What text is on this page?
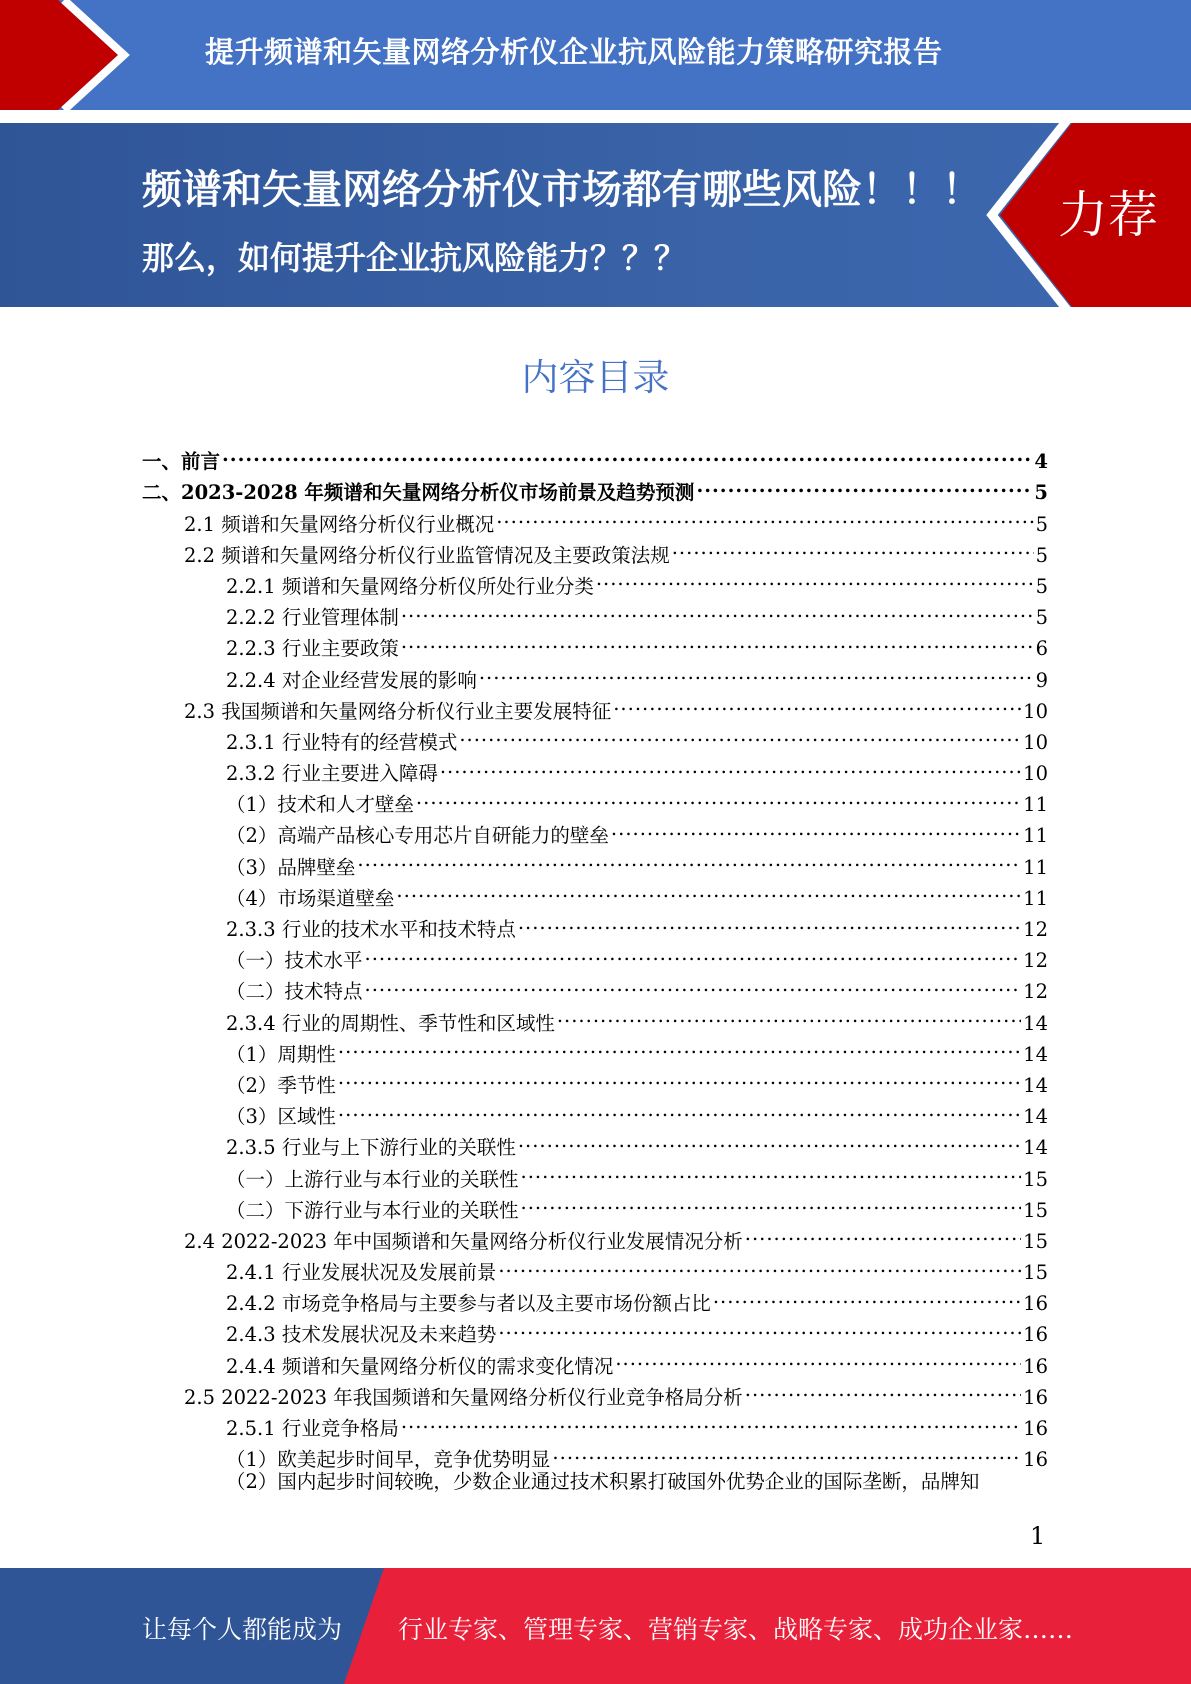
提升频谱和矢量网络分析仪企业抗风险能力策略研究报告
频谱和矢量网络分析仪市场都有哪些风险！！！
那么，如何提升企业抗风险能力？？？
力荐
内容目录
一、前言 .....	4
二、2023-2028 年频谱和矢量网络分析仪市场前景及趋势预测 .....	5
2.1 频谱和矢量网络分析仪行业概况 .....	5
2.2 频谱和矢量网络分析仪行业监管情况及主要政策法规 .....	5
2.2.1 频谱和矢量网络分析仪所处行业分类 .....	5
2.2.2 行业管理体制 .....	5
2.2.3 行业主要政策 .....	6
2.2.4 对企业经营发展的影响 .....	9
2.3 我国频谱和矢量网络分析仪行业主要发展特征 .....	10
2.3.1 行业特有的经营模式 .....	10
2.3.2 行业主要进入障碍 .....	10
（1）技术和人才壁垒 .....	11
（2）高端产品核心专用芯片自研能力的壁垒 .....	11
（3）品牌壁垒 .....	11
（4）市场渠道壁垒 .....	11
2.3.3 行业的技术水平和技术特点 .....	12
（一）技术水平 .....	12
（二）技术特点 .....	12
2.3.4 行业的周期性、季节性和区域性 .....	14
（1）周期性 .....	14
（2）季节性 .....	14
（3）区域性 .....	14
2.3.5 行业与上下游行业的关联性 .....	14
（一）上游行业与本行业的关联性 .....	15
（二）下游行业与本行业的关联性 .....	15
2.4 2022-2023 年中国频谱和矢量网络分析仪行业发展情况分析 .....	15
2.4.1 行业发展状况及发展前景 .....	15
2.4.2 市场竞争格局与主要参与者以及主要市场份额占比 .....	16
2.4.3 技术发展状况及未来趋势 .....	16
2.4.4 频谱和矢量网络分析仪的需求变化情况 .....	16
2.5 2022-2023 年我国频谱和矢量网络分析仪行业竞争格局分析 .....	16
2.5.1 行业竞争格局 .....	16
（1）欧美起步时间早，竞争优势明显 .....	16
（2）国内起步时间较晚，少数企业通过技术积累打破国外优势企业的国际垄断，品牌知
1
让每个人都能成为 行业专家、管理专家、营销专家、战略专家、成功企业家……
